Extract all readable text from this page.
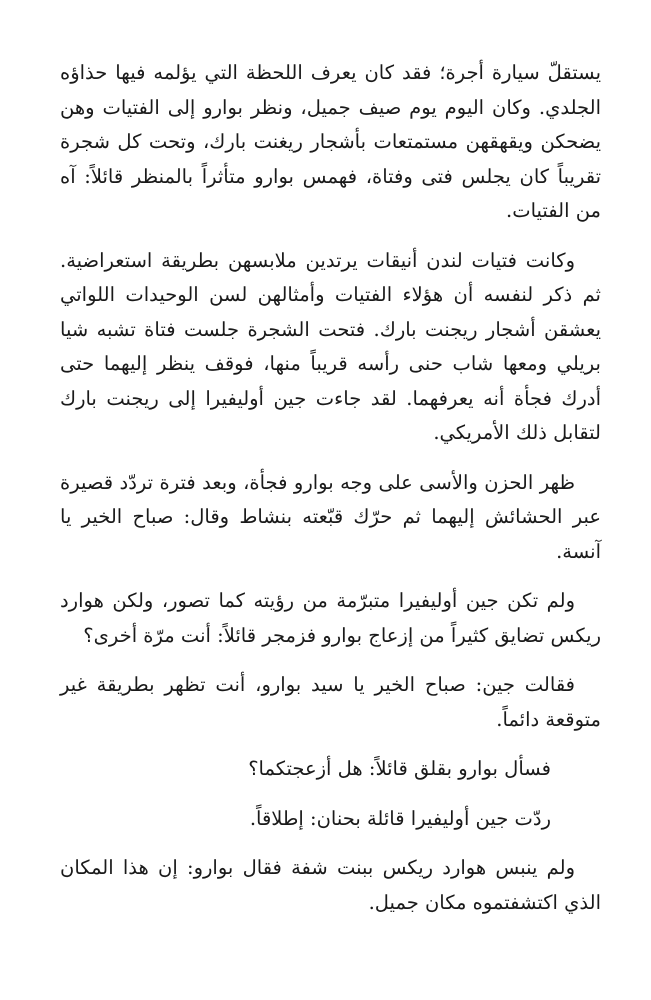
يستقلّ سيارة أجرة؛ فقد كان يعرف اللحظة التي يؤلمه فيها حذاؤه الجلدي. وكان اليوم يوم صيف جميل، ونظر بوارو إلى الفتيات وهن يضحكن ويقهقهن مستمتعات بأشجار ريغنت بارك، وتحت كل شجرة تقريباً كان يجلس فتى وفتاة، فهمس بوارو متأثراً بالمنظر قائلاً: آه من الفتيات.

وكانت فتيات لندن أنيقات يرتدين ملابسهن بطريقة استعراضية. ثم ذكر لنفسه أن هؤلاء الفتيات وأمثالهن لسن الوحيدات اللواتي يعشقن أشجار ريجنت بارك. فتحت الشجرة جلست فتاة تشبه شيا بريلي ومعها شاب حنى رأسه قريباً منها، فوقف ينظر إليهما حتى أدرك فجأة أنه يعرفهما. لقد جاءت جين أوليفيرا إلى ريجنت بارك لتقابل ذلك الأمريكي.

ظهر الحزن والأسى على وجه بوارو فجأة، وبعد فترة تردّد قصيرة عبر الحشائش إليهما ثم حرّك قبّعته بنشاط وقال: صباح الخير يا آنسة.

ولم تكن جين أوليفيرا متبرّمة من رؤيته كما تصور، ولكن هوارد ريكس تضايق كثيراً من إزعاج بوارو فزمجر قائلاً: أنت مرّة أخرى؟

فقالت جين: صباح الخير يا سيد بوارو، أنت تظهر بطريقة غير متوقعة دائماً.

فسأل بوارو بقلق قائلاً: هل أزعجتكما؟

ردّت جين أوليفيرا قائلة بحنان: إطلاقاً.

ولم ينبس هوارد ريكس ببنت شفة فقال بوارو: إن هذا المكان الذي اكتشفتموه مكان جميل.
